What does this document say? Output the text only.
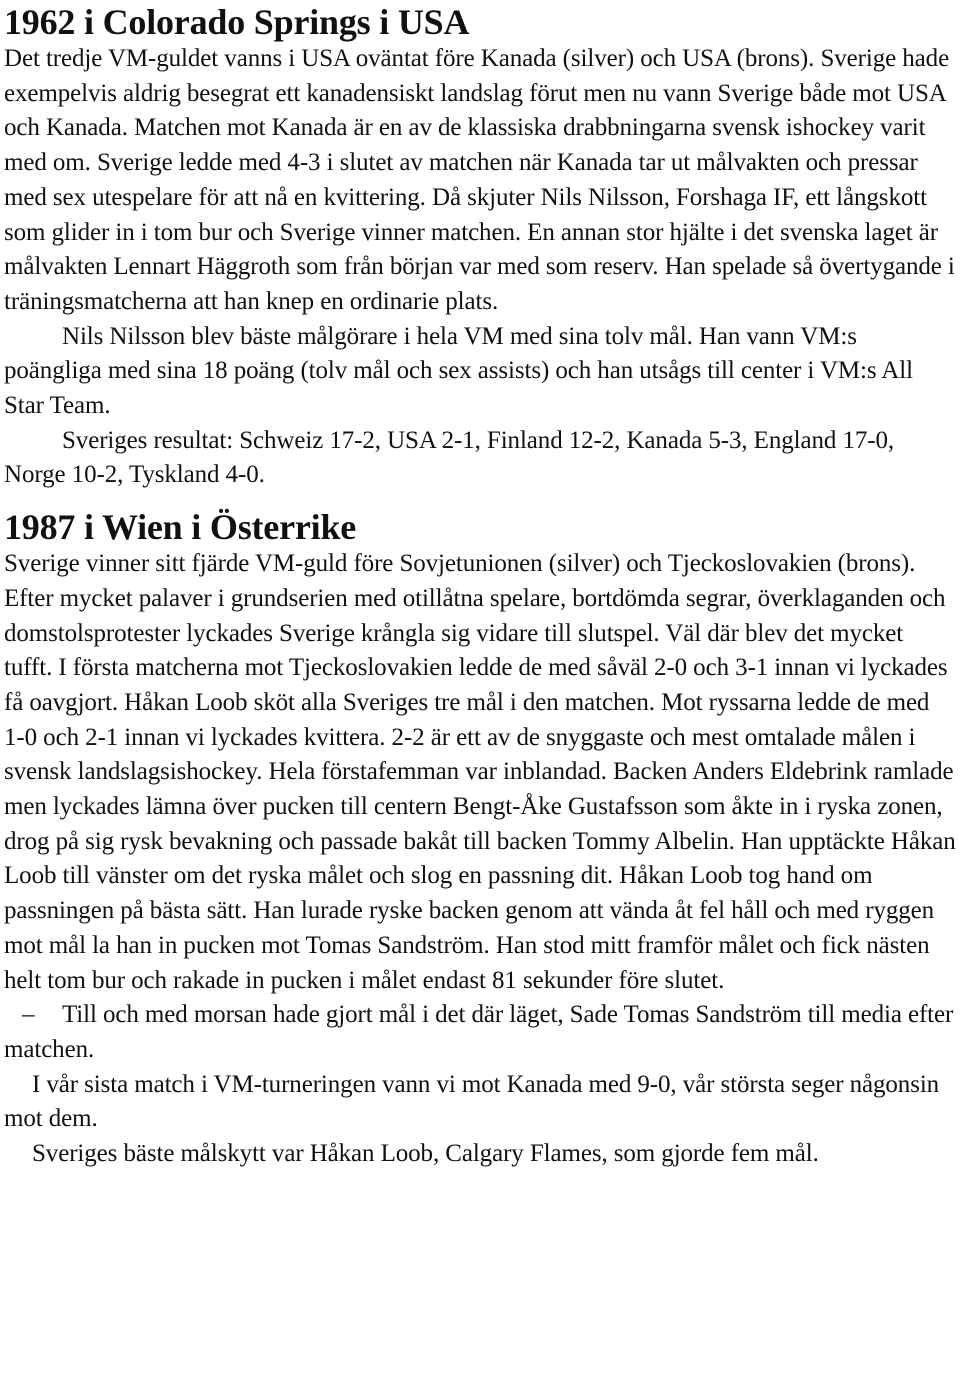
1962 i Colorado Springs i USA

Det tredje VM-guldet vanns i USA oväntat före Kanada (silver) och USA (brons). Sverige hade exempelvis aldrig besegrat ett kanadensiskt landslag förut men nu vann Sverige både mot USA och Kanada. Matchen mot Kanada är en av de klassiska drabbningarna svensk ishockey varit med om. Sverige ledde med 4-3 i slutet av matchen när Kanada tar ut målvakten och pressar med sex utespelare för att nå en kvittering. Då skjuter Nils Nilsson, Forshaga IF, ett långskott som glider in i tom bur och Sverige vinner matchen. En annan stor hjälte i det svenska laget är målvakten Lennart Häggroth som från början var med som reserv. Han spelade så övertygande i träningsmatcherna att han knep en ordinarie plats.

Nils Nilsson blev bäste målgörare i hela VM med sina tolv mål. Han vann VM:s poängliga med sina 18 poäng (tolv mål och sex assists) och han utsågs till center i VM:s All Star Team.

Sveriges resultat: Schweiz 17-2, USA 2-1, Finland 12-2, Kanada 5-3, England 17-0, Norge 10-2, Tyskland 4-0.

1987 i Wien i Österrike

Sverige vinner sitt fjärde VM-guld före Sovjetunionen (silver) och Tjeckoslovakien (brons). Efter mycket palaver i grundserien med otillåtna spelare, bortdömda segrar, överklaganden och domstolsprotester lyckades Sverige krångla sig vidare till slutspel. Väl där blev det mycket tufft. I första matcherna mot Tjeckoslovakien ledde de med såväl 2-0 och 3-1 innan vi lyckades få oavgjort. Håkan Loob sköt alla Sveriges tre mål i den matchen. Mot ryssarna ledde de med 1-0 och 2-1 innan vi lyckades kvittera. 2-2 är ett av de snyggaste och mest omtalade målen i svensk landslagsishockey. Hela förstafemman var inblandad. Backen Anders Eldebrink ramlade men lyckades lämna över pucken till centern Bengt-Åke Gustafsson som åkte in i ryska zonen, drog på sig rysk bevakning och passade bakåt till backen Tommy Albelin. Han upptäckte Håkan Loob till vänster om det ryska målet och slog en passning dit. Håkan Loob tog hand om passningen på bästa sätt. Han lurade ryske backen genom att vända åt fel håll och med ryggen mot mål la han in pucken mot Tomas Sandström. Han stod mitt framför målet och fick nästen helt tom bur och rakade in pucken i målet endast 81 sekunder före slutet.

– Till och med morsan hade gjort mål i det där läget, Sade Tomas Sandström till media efter matchen.

I vår sista match i VM-turneringen vann vi mot Kanada med 9-0, vår största seger någonsin mot dem.

Sveriges bäste målskytt var Håkan Loob, Calgary Flames, som gjorde fem mål.
